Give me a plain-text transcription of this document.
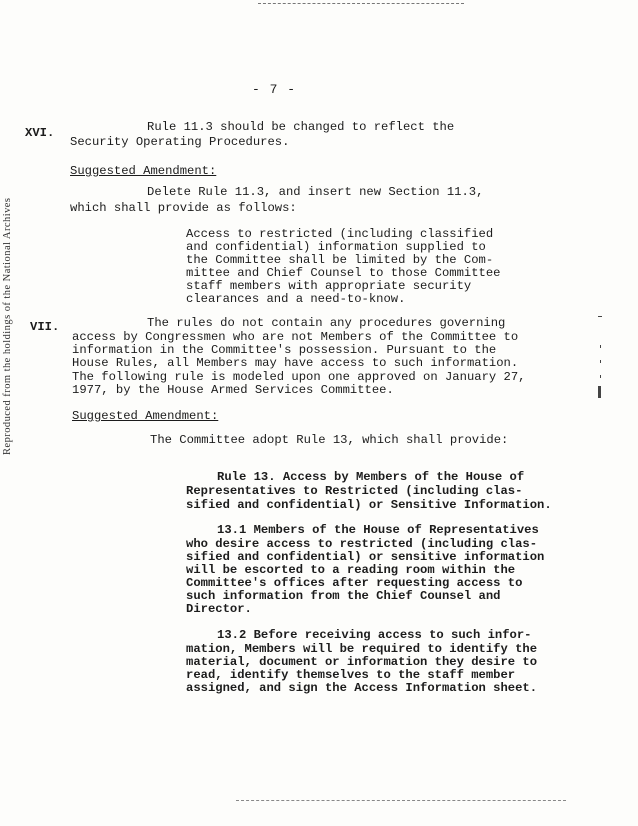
Reproduced from the holdings of the National Archives
- 7 -
XVI.	Rule 11.3 should be changed to reflect the
Security Operating Procedures.
Suggested Amendment:
Delete Rule 11.3, and insert new Section 11.3,
which shall provide as follows:
Access to restricted (including classified
and confidential) information supplied to
the Committee shall be limited by the Com-
mittee and Chief Counsel to those Committee
staff members with appropriate security
clearances and a need-to-know.
VII.	The rules do not contain any procedures governing
access by Congressmen who are not Members of the Committee to
information in the Committee's possession. Pursuant to the
House Rules, all Members may have access to such information.
The following rule is modeled upon one approved on January 27,
1977, by the House Armed Services Committee.
Suggested Amendment:
The Committee adopt Rule 13, which shall provide:
Rule 13. Access by Members of the House of
Representatives to Restricted (including clas-
sified and confidential) or Sensitive Information.
13.1 Members of the House of Representatives
who desire access to restricted (including clas-
sified and confidential) or sensitive information
will be escorted to a reading room within the
Committee's offices after requesting access to
such information from the Chief Counsel and
Director.
13.2 Before receiving access to such infor-
mation, Members will be required to identify the
material, document or information they desire to
read, identify themselves to the staff member
assigned, and sign the Access Information sheet.
